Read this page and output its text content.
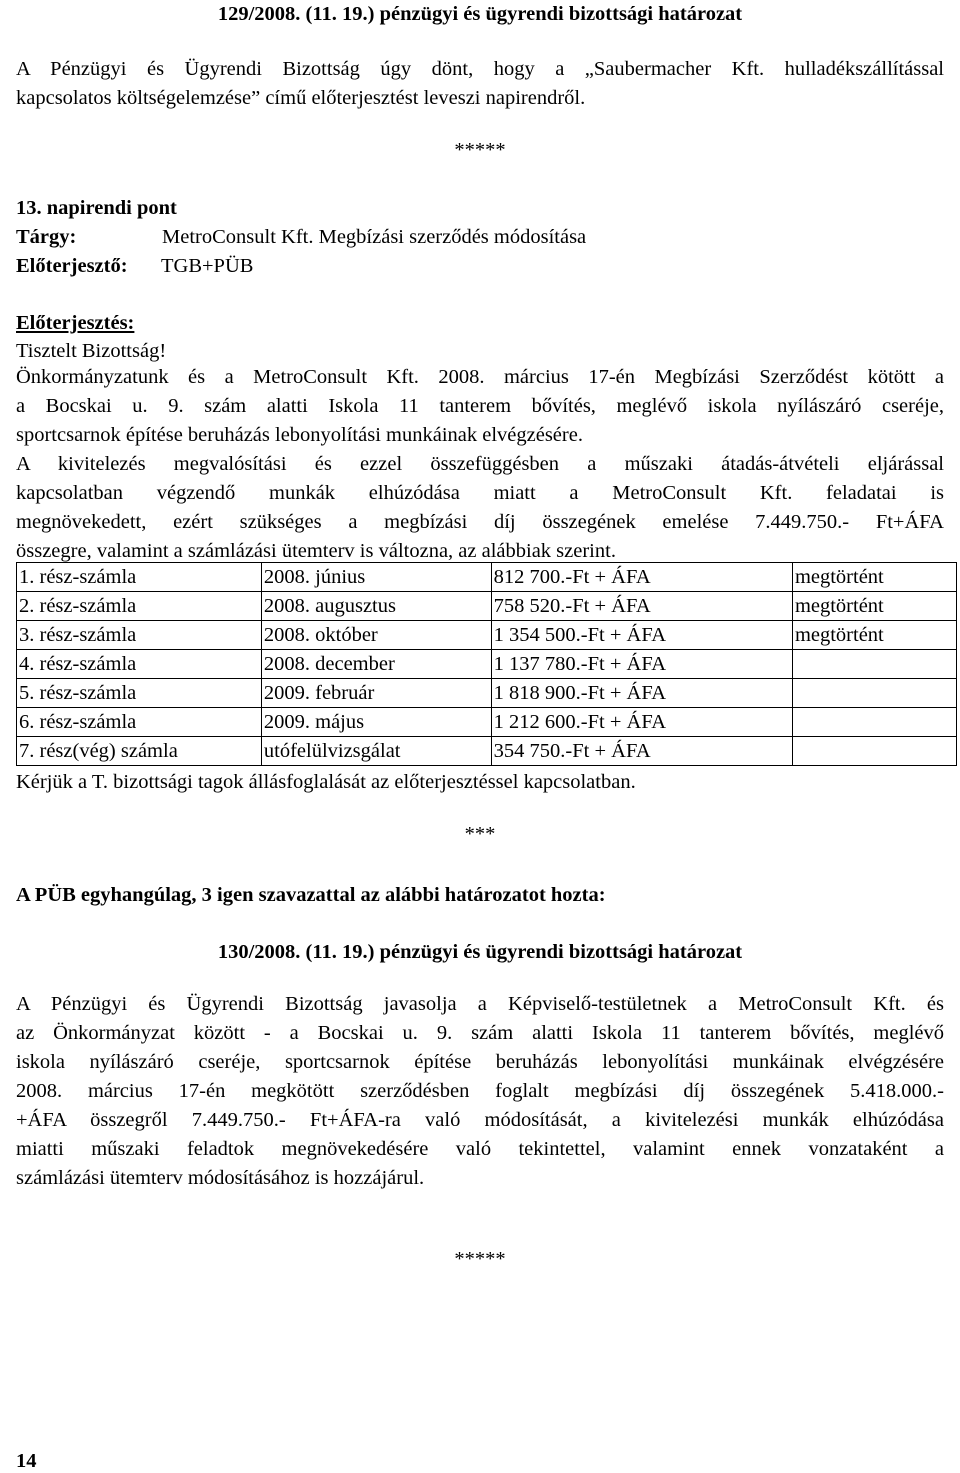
129/2008. (11. 19.) pénzügyi és ügyrendi bizottsági határozat
A Pénzügyi és Ügyrendi Bizottság úgy dönt, hogy a „Saubermacher Kft. hulladékszállítással
kapcsolatos költségelemzése” című előterjesztést leveszi napirendről.
*****
13. napirendi pont
Tárgy:	MetroConsult Kft. Megbízási szerződés módosítása
Előterjesztő: TGB+PÜB
Előterjesztés:
Tisztelt Bizottság!
Önkormányzatunk és a MetroConsult Kft. 2008. március 17-én Megbízási Szerződést kötött a
a Bocskai u. 9. szám alatti Iskola 11 tanterem bővítés, meglévő iskola nyílászáró cseréje,
sportcsarnok építése beruházás lebonyolítási munkáinak elvégzésére.
A kivitelezés megvalósítási és ezzel összefüggésben a műszaki átadás-átvételi eljárással
kapcsolatban végzendő munkák elhúzódása miatt a MetroConsult Kft. feladatai is
megnövekedett, ezért szükséges a megbízási díj összegének emelése 7.449.750.- Ft+ÁFA
összegre, valamint a számlázási ütemterv is változna, az alábbiak szerint.
1. rész-számla	2008. június	812 700.-Ft + ÁFA	megtörtént
2. rész-számla	2008. augusztus	758 520.-Ft + ÁFA	megtörtént
3. rész-számla	2008. október	1 354 500.-Ft + ÁFA	megtörtént
4. rész-számla	2008. december	1 137 780.-Ft + ÁFA	
5. rész-számla	2009. február	1 818 900.-Ft + ÁFA	
6. rész-számla	2009. május	1 212 600.-Ft + ÁFA	
7. rész(vég) számla	utófelülvizsgálat	354 750.-Ft + ÁFA	
Kérjük a T. bizottsági tagok állásfoglalását az előterjesztéssel kapcsolatban.
***
A PÜB egyhangúlag, 3 igen szavazattal az alábbi határozatot hozta:
130/2008. (11. 19.) pénzügyi és ügyrendi bizottsági határozat
A Pénzügyi és Ügyrendi Bizottság javasolja a Képviselő-testületnek a MetroConsult Kft. és
az Önkormányzat között - a Bocskai u. 9. szám alatti Iskola 11 tanterem bővítés, meglévő
iskola nyílászáró cseréje, sportcsarnok építése beruházás lebonyolítási munkáinak elvégzésére
2008. március 17-én megkötött szerződésben foglalt megbízási díj összegének 5.418.000.-
+ÁFA összegről 7.449.750.- Ft+ÁFA-ra való módosítását, a kivitelezési munkák elhúzódása
miatti műszaki feladtok megnövekedésére való tekintettel, valamint ennek vonzataként a
számlázási ütemterv módosításához is hozzájárul.
*****
14
